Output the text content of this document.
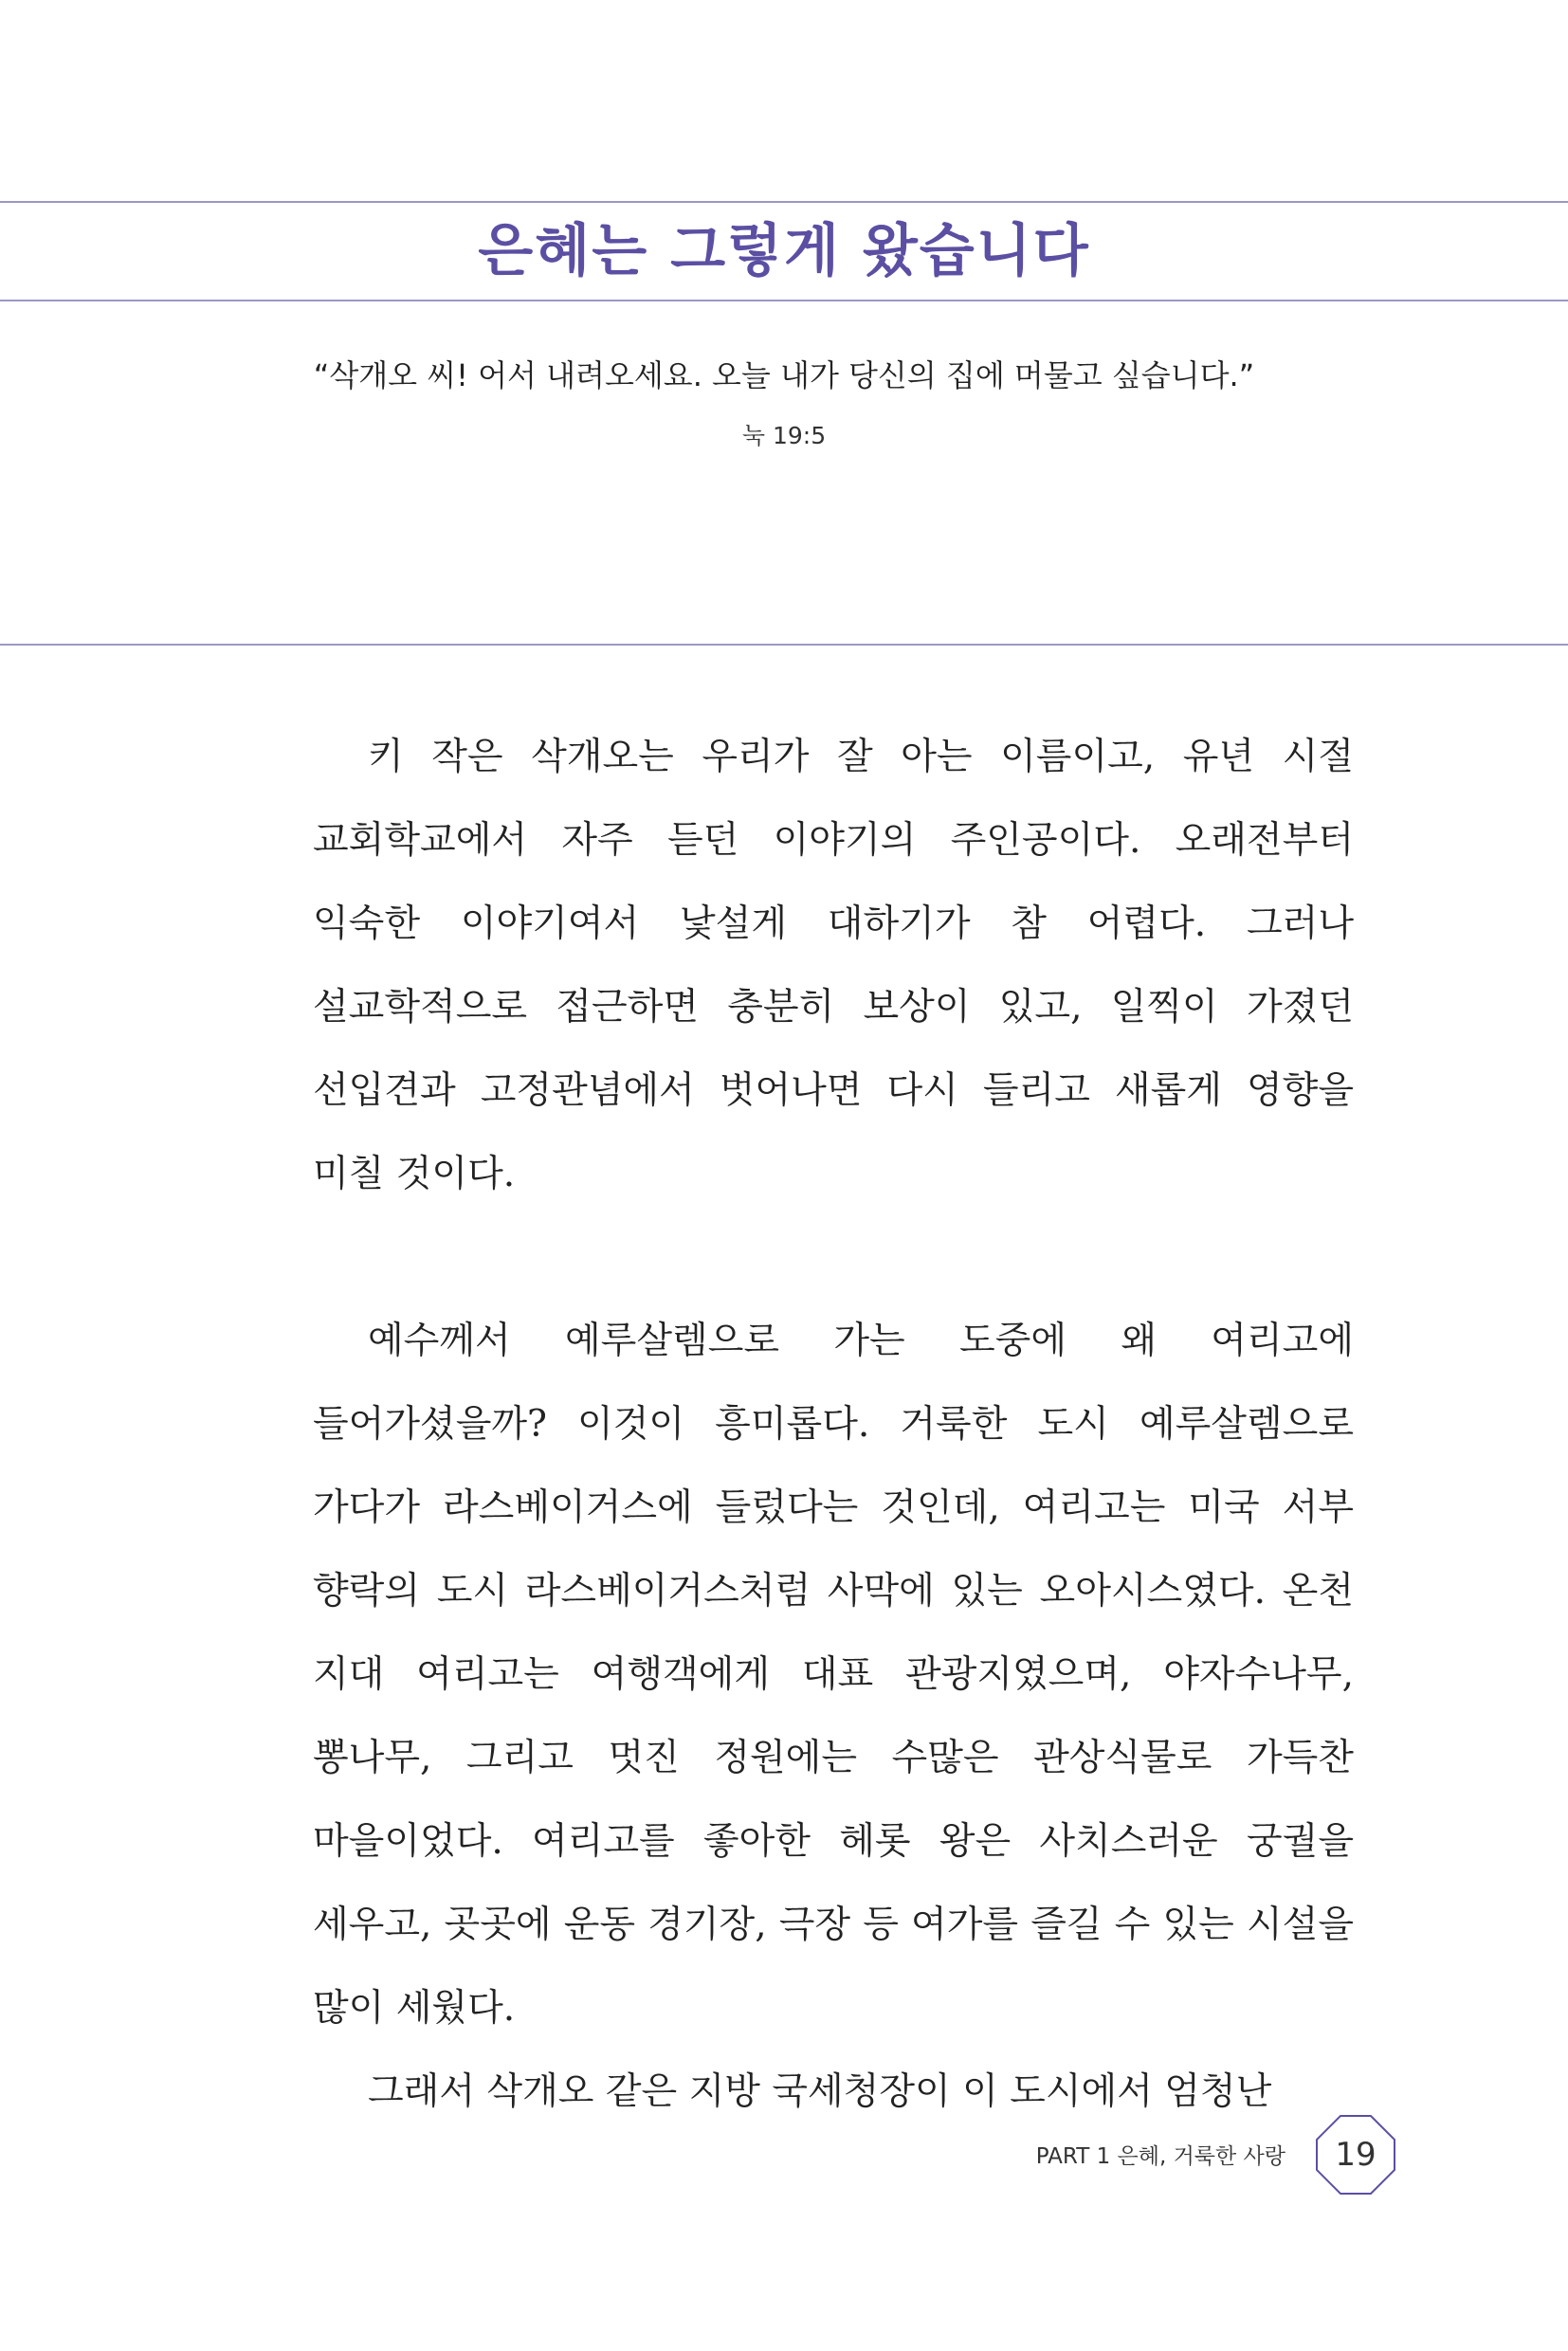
은혜는 그렇게 왔습니다
“삭개오 씨! 어서 내려오세요. 오늘 내가 당신의 집에 머물고 싶습니다.”
눅 19:5

키 작은 삭개오는 우리가 잘 아는 이름이고, 유년 시절 교회학교에서 자주 듣던 이야기의 주인공이다. 오래전부터 익숙한 이야기여서 낯설게 대하기가 참 어렵다. 그러나 설교학적으로 접근하면 충분히 보상이 있고, 일찍이 가졌던 선입견과 고정관념에서 벗어나면 다시 들리고 새롭게 영향을 미칠 것이다.

예수께서 예루살렘으로 가는 도중에 왜 여리고에 들어가셨을까? 이것이 흥미롭다. 거룩한 도시 예루살렘으로 가다가 라스베이거스에 들렀다는 것인데, 여리고는 미국 서부 향락의 도시 라스베이거스처럼 사막에 있는 오아시스였다. 온천 지대 여리고는 여행객에게 대표 관광지였으며, 야자수나무, 뽕나무, 그리고 멋진 정원에는 수많은 관상식물로 가득찬 마을이었다. 여리고를 좋아한 헤롯 왕은 사치스러운 궁궐을 세우고, 곳곳에 운동 경기장, 극장 등 여가를 즐길 수 있는 시설을 많이 세웠다.

그래서 삭개오 같은 지방 국세청장이 이 도시에서 엄청난

PART 1 은혜, 거룩한 사랑	19
